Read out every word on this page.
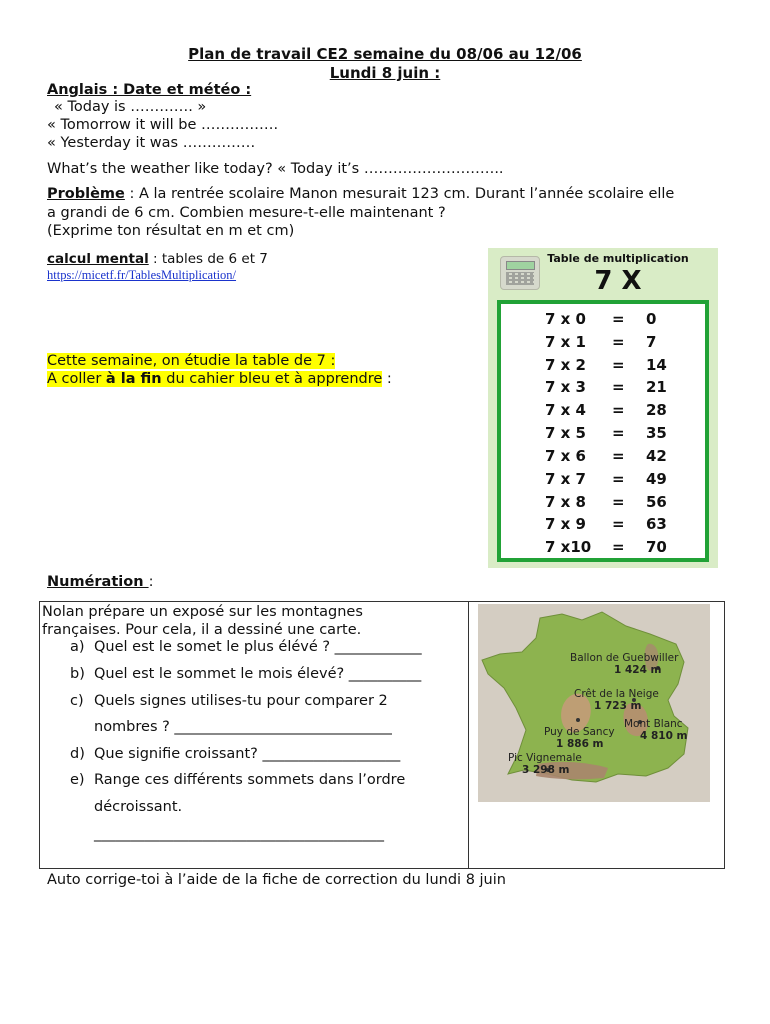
Plan de travail CE2 semaine du 08/06 au 12/06
Lundi 8 juin :
Anglais : Date et météo :
« Today is …………. »
« Tomorrow it will be …………….
« Yesterday it was ……………
What’s the weather like today? « Today it’s ………………………..
Problème : A la rentrée scolaire Manon mesurait 123 cm. Durant l’année scolaire elle
a grandi de 6 cm. Combien mesure-t-elle maintenant ?
(Exprime ton résultat en m et cm)
calcul mental : tables de 6 et 7
https://micetf.fr/TablesMultiplication/
Cette semaine, on étudie la table de 7 :
A coller à la fin du cahier bleu et à apprendre :
Table de multiplication
7 X
7 x 0 = 0
7 x 1 = 7
7 x 2 = 14
7 x 3 = 21
7 x 4 = 28
7 x 5 = 35
7 x 6 = 42
7 x 7 = 49
7 x 8 = 56
7 x 9 = 63
7 x10 = 70
Numération :
Nolan prépare un exposé sur les montagnes
françaises. Pour cela, il a dessiné une carte.
a) Quel est le somet le plus élévé ? ____________
b) Quel est le sommet le mois élevé? __________
c) Quels signes utilises-tu pour comparer 2
nombres ? ______________________________
d) Que signifie croissant? ___________________
e) Range ces différents sommets dans l’ordre
décroissant.
________________________________________
Ballon de Guebwiller
1 424 m
Crêt de la Neige
1 723 m
Mont Blanc
4 810 m
Puy de Sancy
1 886 m
Pic Vignemale
3 298 m
Auto corrige-toi à l’aide de la fiche de correction du lundi 8 juin
